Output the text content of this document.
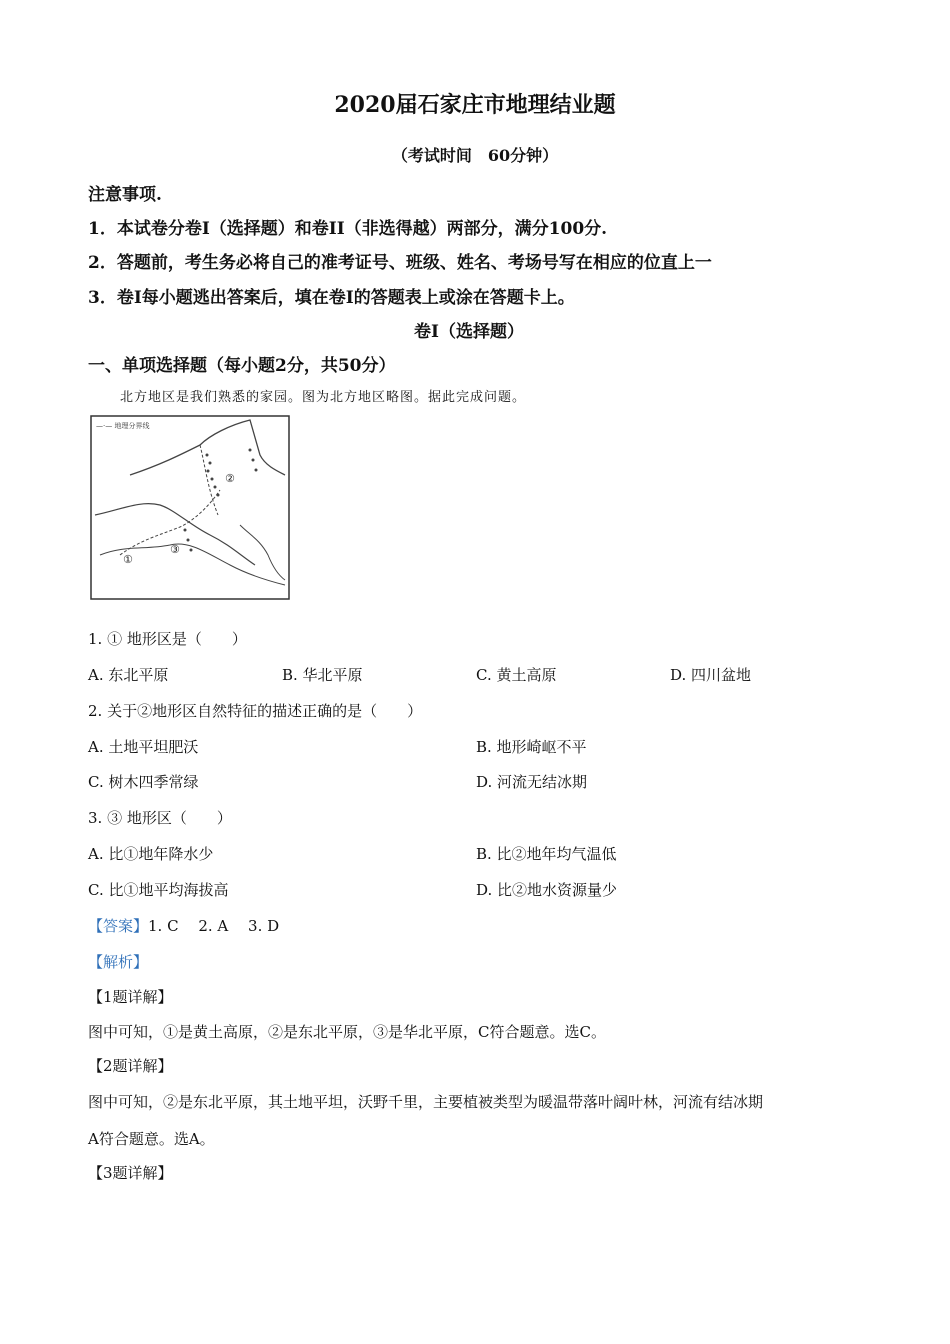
2020届石家庄市地理结业题
（考试时间　60分钟）
注意事项.
1．本试卷分卷Ⅰ（选择题）和卷II（非选得越）两部分，满分100分.
2．答题前，考生务必将自己的准考证号、班级、姓名、考场号写在相应的位直上一
3．卷Ⅰ每小题逃出答案后，填在卷Ⅰ的答题表上或涂在答题卡上。
卷Ⅰ（选择题）
一、单项选择题（每小题2分，共50分）
北方地区是我们熟悉的家园。图为北方地区略图。据此完成问题。
—·— 地理分界线
①
②
③
1. ① 地形区是（　　）
A. 东北平原	B. 华北平原	C. 黄土高原	D. 四川盆地
2. 关于②地形区自然特征的描述正确的是（　　）
A. 土地平坦肥沃	B. 地形崎岖不平
C. 树木四季常绿	D. 河流无结冰期
3. ③ 地形区（　　）
A. 比①地年降水少	B. 比②地年均气温低
C. 比①地平均海拔高	D. 比②地水资源量少
【答案】1. C　 2. A　 3. D
【解析】
【1题详解】
图中可知，①是黄土高原，②是东北平原，③是华北平原，C符合题意。选C。
【2题详解】
图中可知，②是东北平原，其土地平坦，沃野千里，主要植被类型为暖温带落叶阔叶林，河流有结冰期
A符合题意。选A。
【3题详解】
